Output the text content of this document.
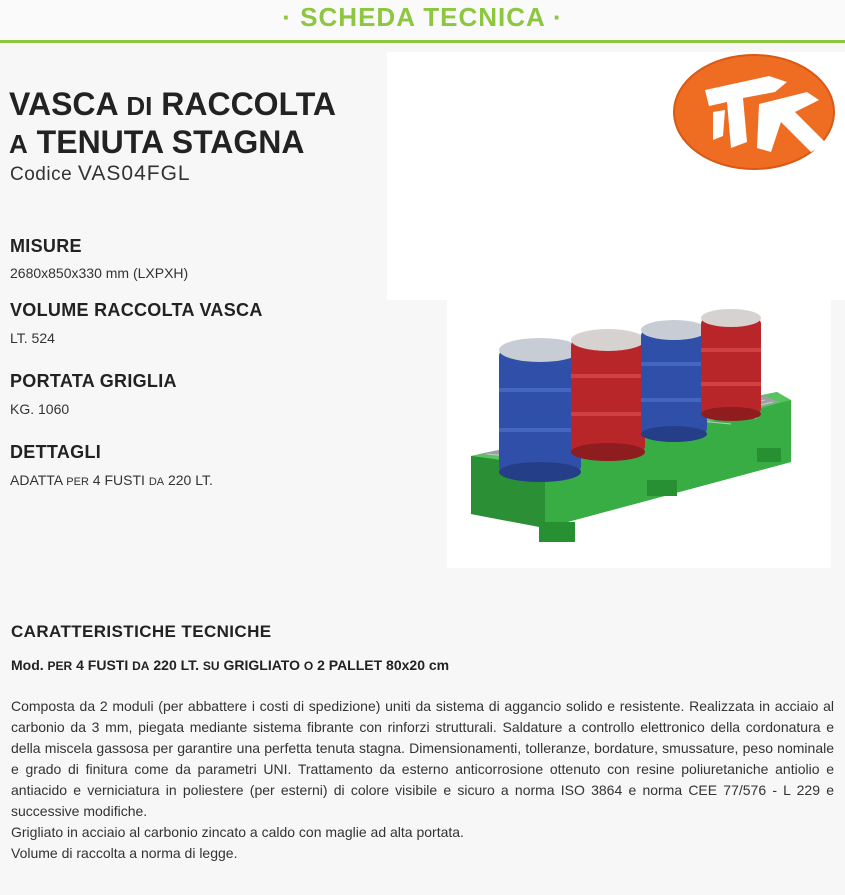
· SCHEDA TECNICA ·
VASCA DI RACCOLTA
A TENUTA STAGNA
Codice VAS04FGL
MISURE
2680x850x330 mm (LXPXH)
VOLUME RACCOLTA VASCA
LT. 524
PORTATA GRIGLIA
KG. 1060
DETTAGLI
ADATTA PER 4 FUSTI DA 220 LT.
CARATTERISTICHE TECNICHE
Mod. PER 4 FUSTI DA 220 LT. SU GRIGLIATO O 2 PALLET 80x20 cm

Composta da 2 moduli (per abbattere i costi di spedizione) uniti da sistema di aggancio solido e resistente. Realizzata in acciaio al carbonio da 3 mm, piegata mediante sistema fibrante con rinforzi strutturali. Saldature a controllo elettronico della cordonatura e della miscela gassosa per garantire una perfetta tenuta stagna. Dimensionamenti, tolleranze, bordature, smussature, peso nominale e grado di finitura come da parametri UNI. Trattamento da esterno anticorrosione ottenuto con resine poliuretaniche antiolio e antiacido e verniciatura in poliestere (per esterni) di colore visibile e sicuro a norma ISO 3864 e norma CEE 77/576 - L 229 e successive modifiche.

Grigliato in acciaio al carbonio zincato a caldo con maglie ad alta portata.

Volume di raccolta a norma di legge.
